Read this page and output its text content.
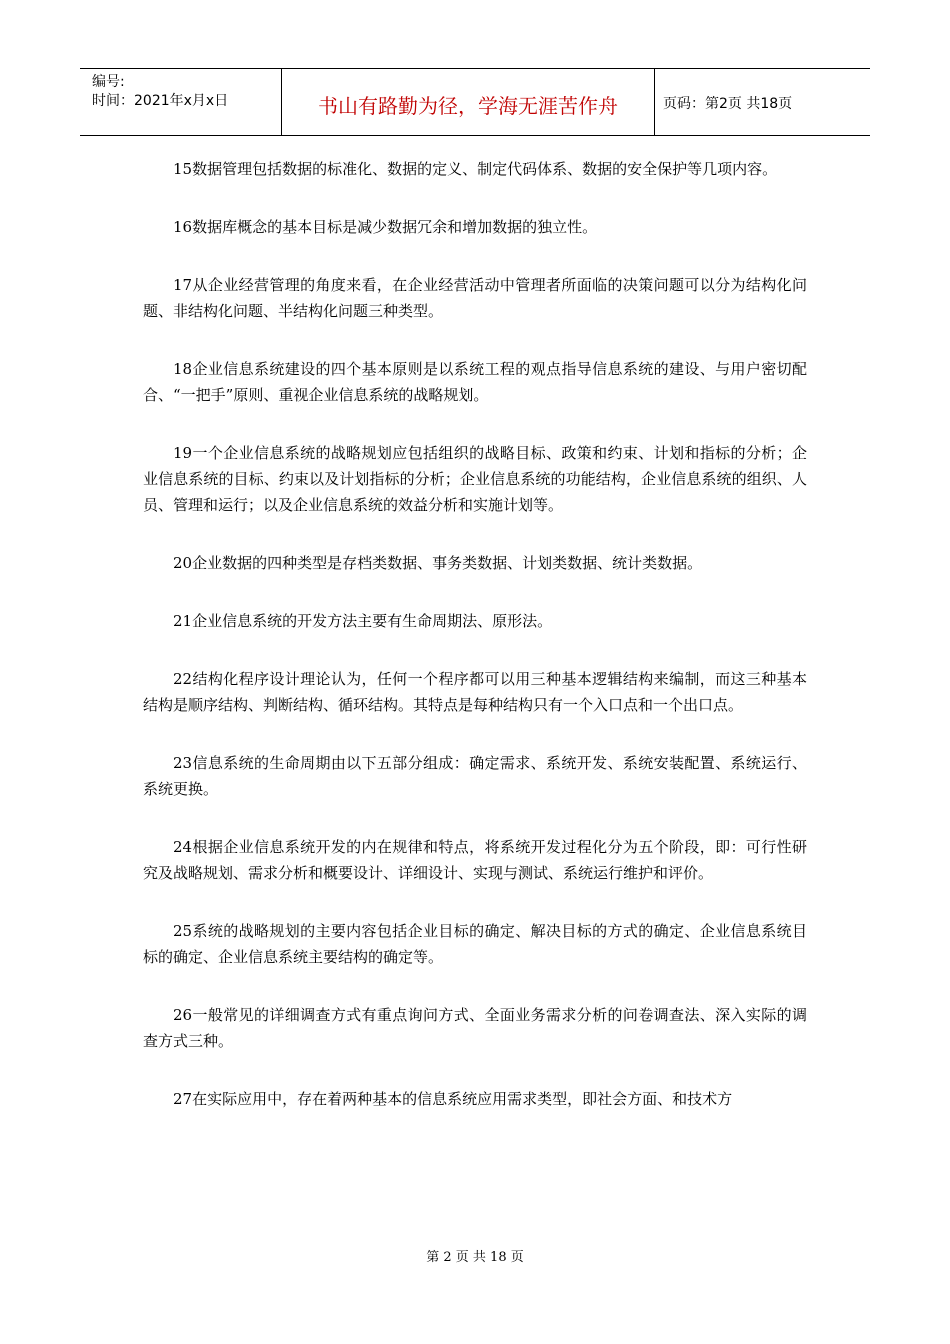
编号:
时间：2021年x月x日	书山有路勤为径，学海无涯苦作舟	页码：第2页 共18页

15数据管理包括数据的标准化、数据的定义、制定代码体系、数据的安全保护等几项内容。

16数据库概念的基本目标是减少数据冗余和增加数据的独立性。

17从企业经营管理的角度来看，在企业经营活动中管理者所面临的决策问题可以分为结构化问题、非结构化问题、半结构化问题三种类型。

18企业信息系统建设的四个基本原则是以系统工程的观点指导信息系统的建设、与用户密切配合、“一把手”原则、重视企业信息系统的战略规划。

19一个企业信息系统的战略规划应包括组织的战略目标、政策和约束、计划和指标的分析；企业信息系统的目标、约束以及计划指标的分析；企业信息系统的功能结构，企业信息系统的组织、人员、管理和运行；以及企业信息系统的效益分析和实施计划等。

20企业数据的四种类型是存档类数据、事务类数据、计划类数据、统计类数据。

21企业信息系统的开发方法主要有生命周期法、原形法。

22结构化程序设计理论认为，任何一个程序都可以用三种基本逻辑结构来编制，而这三种基本结构是顺序结构、判断结构、循环结构。其特点是每种结构只有一个入口点和一个出口点。

23信息系统的生命周期由以下五部分组成：确定需求、系统开发、系统安装配置、系统运行、系统更换。

24根据企业信息系统开发的内在规律和特点，将系统开发过程化分为五个阶段，即：可行性研究及战略规划、需求分析和概要设计、详细设计、实现与测试、系统运行维护和评价。

25系统的战略规划的主要内容包括企业目标的确定、解决目标的方式的确定、企业信息系统目标的确定、企业信息系统主要结构的确定等。

26一般常见的详细调查方式有重点询问方式、全面业务需求分析的问卷调查法、深入实际的调查方式三种。

27在实际应用中，存在着两种基本的信息系统应用需求类型，即社会方面、和技术方

第 2 页 共 18 页
